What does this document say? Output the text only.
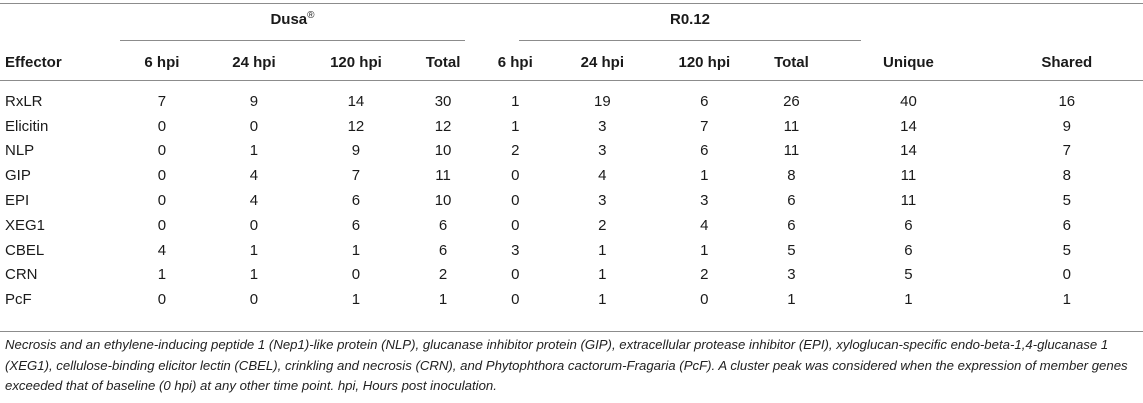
Dusa®	R0.12
Effector	6 hpi	24 hpi	120 hpi	Total	6 hpi	24 hpi	120 hpi	Total	Unique	Shared
RxLR	7	9	14	30	1	19	6	26	40	16
Elicitin	0	0	12	12	1	3	7	11	14	9
NLP	0	1	9	10	2	3	6	11	14	7
GIP	0	4	7	11	0	4	1	8	11	8
EPI	0	4	6	10	0	3	3	6	11	5
XEG1	0	0	6	6	0	2	4	6	6	6
CBEL	4	1	1	6	3	1	1	5	6	5
CRN	1	1	0	2	0	1	2	3	5	0
PcF	0	0	1	1	0	1	0	1	1	1
Necrosis and an ethylene-inducing peptide 1 (Nep1)-like protein (NLP), glucanase inhibitor protein (GIP), extracellular protease inhibitor (EPI), xyloglucan-specific endo-beta-1,4-glucanase 1 (XEG1), cellulose-binding elicitor lectin (CBEL), crinkling and necrosis (CRN), and Phytophthora cactorum-Fragaria (PcF). A cluster peak was considered when the expression of member genes exceeded that of baseline (0 hpi) at any other time point. hpi, Hours post inoculation.
